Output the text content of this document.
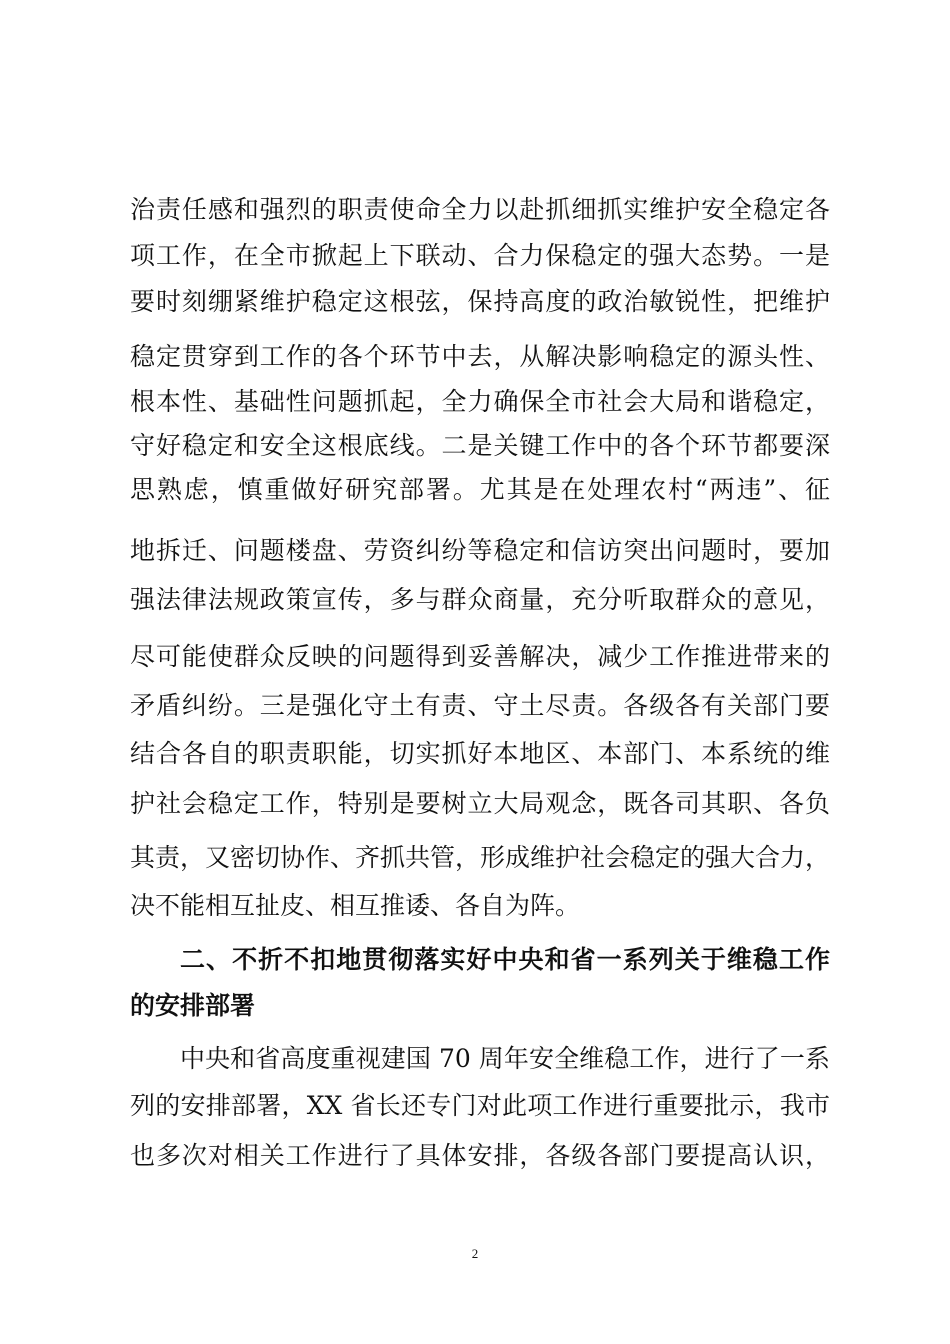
治责任感和强烈的职责使命全力以赴抓细抓实维护安全稳定各
项工作，在全市掀起上下联动、合力保稳定的强大态势。一是
要时刻绷紧维护稳定这根弦，保持高度的政治敏锐性，把维护
稳定贯穿到工作的各个环节中去，从解决影响稳定的源头性、
根本性、基础性问题抓起，全力确保全市社会大局和谐稳定，
守好稳定和安全这根底线。二是关键工作中的各个环节都要深
思熟虑，慎重做好研究部署。尤其是在处理农村“两违”、征
地拆迁、问题楼盘、劳资纠纷等稳定和信访突出问题时，要加
强法律法规政策宣传，多与群众商量，充分听取群众的意见，
尽可能使群众反映的问题得到妥善解决，减少工作推进带来的
矛盾纠纷。三是强化守土有责、守土尽责。各级各有关部门要
结合各自的职责职能，切实抓好本地区、本部门、本系统的维
护社会稳定工作，特别是要树立大局观念，既各司其职、各负
其责，又密切协作、齐抓共管，形成维护社会稳定的强大合力，
决不能相互扯皮、相互推诿、各自为阵。
二、不折不扣地贯彻落实好中央和省一系列关于维稳工作
的安排部署
中央和省高度重视建国 70 周年安全维稳工作，进行了一系
列的安排部署，XX 省长还专门对此项工作进行重要批示，我市
也多次对相关工作进行了具体安排，各级各部门要提高认识，
2
